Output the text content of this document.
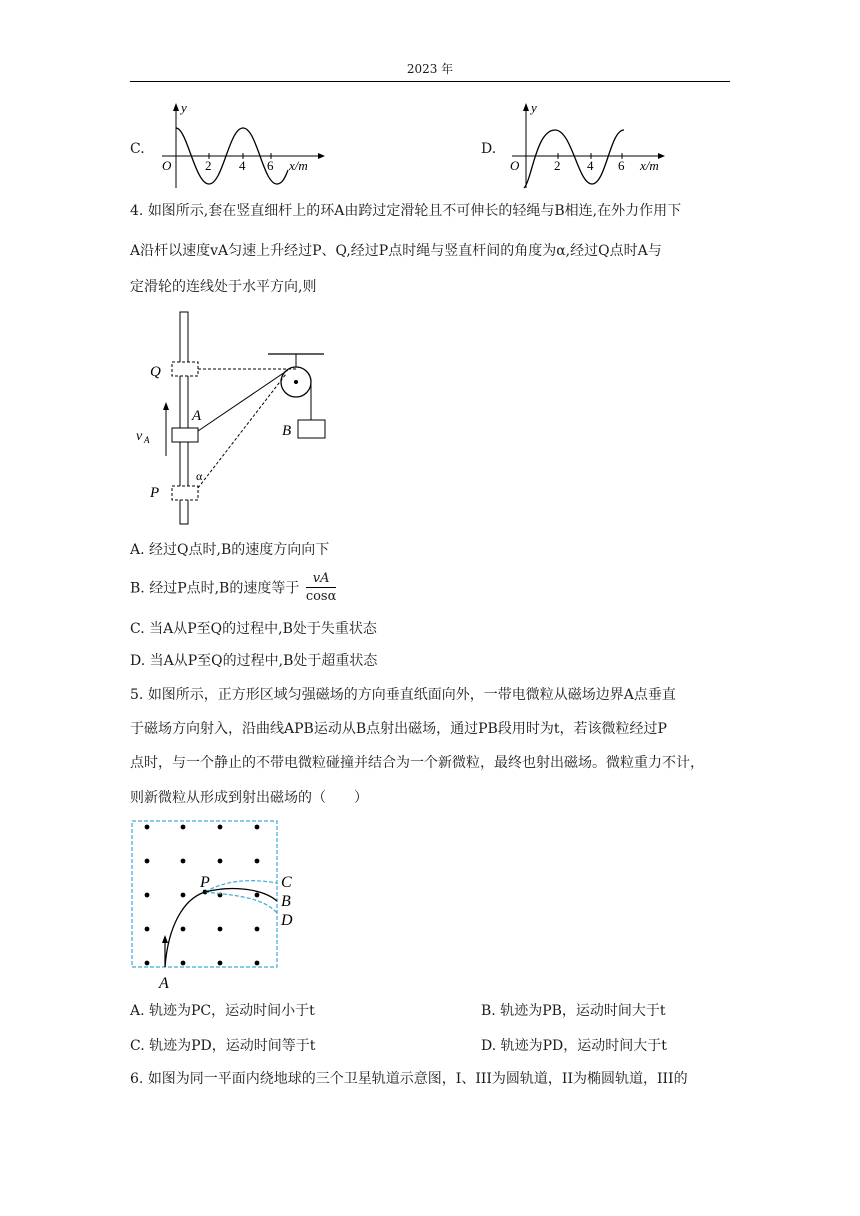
2023 年
C.
y
O	2 4 6 x/m
D.
y
O	2 4 6 x/m
4. 如图所示,套在竖直细杆上的环A由跨过定滑轮且不可伸长的轻绳与B相连,在外力作用下
A沿杆以速度vA匀速上升经过P、Q,经过P点时绳与竖直杆间的角度为α,经过Q点时A与
定滑轮的连线处于水平方向,则
Q
A
P
B
v A
α
A. 经过Q点时,B的速度方向向下
B. 经过P点时,B的速度等于 $\frac{vA}{\cos\alpha}$
C. 当A从P至Q的过程中,B处于失重状态
D. 当A从P至Q的过程中,B处于超重状态
5. 如图所示，正方形区域匀强磁场的方向垂直纸面向外，一带电微粒从磁场边界A点垂直
于磁场方向射入，沿曲线APB运动从B点射出磁场，通过PB段用时为t，若该微粒经过P
点时，与一个静止的不带电微粒碰撞并结合为一个新微粒，最终也射出磁场。微粒重力不计，
则新微粒从形成到射出磁场的（　　）
P	C
B
D
A
A. 轨迹为PC，运动时间小于t	B. 轨迹为PB，运动时间大于t
C. 轨迹为PD，运动时间等于t	D. 轨迹为PD，运动时间大于t
6. 如图为同一平面内绕地球的三个卫星轨道示意图，I、III为圆轨道，II为椭圆轨道，III的
